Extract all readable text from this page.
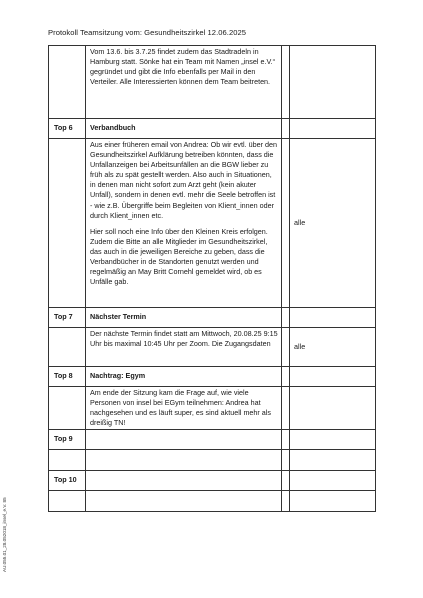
Protokoll Teamsitzung vom: Gesundheitszirkel 12.06.2025

	Vom 13.6. bis 3.7.25 findet zudem das Stadtradeln in Hamburg statt. Sönke hat ein Team mit Namen „insel e.V.“ gegründet und gibt die Info ebenfalls per Mail in den Verteiler. Alle Interessierten können dem Team beitreten.		

Top 6	Verbandbuch		

	Aus einer früheren email von Andrea: Ob wir evtl. über den Gesundheitszirkel Aufklärung betreiben könnten, dass die Unfallanzeigen bei Arbeitsunfällen an die BGW lieber zu früh als zu spät gestellt werden. Also auch in Situationen, in denen man nicht sofort zum Arzt geht (kein akuter Unfall), sondern in denen evtl. mehr die Seele betroffen ist - wie z.B. Übergriffe beim Begleiten von Klient_innen oder durch Klient_innen etc.

Hier soll noch eine Info über den Kleinen Kreis erfolgen. Zudem die Bitte an alle Mitglieder im Gesundheitszirkel, das auch in die jeweiligen Bereiche zu geben, dass die Verbandbücher in de Standorten genutzt werden und regelmäßig an May Britt Cornehl gemeldet wird, ob es Unfälle gab.		alle
Top 7	Nächster Termin		

	Der nächste Termin findet statt am Mittwoch, 20.08.25 9:15 Uhr bis maximal 10:45 Uhr per Zoom. Die Zugangsdaten		alle
Top 8	Nachtrag: Egym		

	Am ende der Sitzung kam die Frage auf, wie viele Personen von insel bei EGym teilnehmen: Andrea hat nachgesehen und es läuft super, es sind aktuell mehr als dreißig TN!		

Top 9			

Top 10			

AU.055.01_28.052018_insel_e.V. 85
